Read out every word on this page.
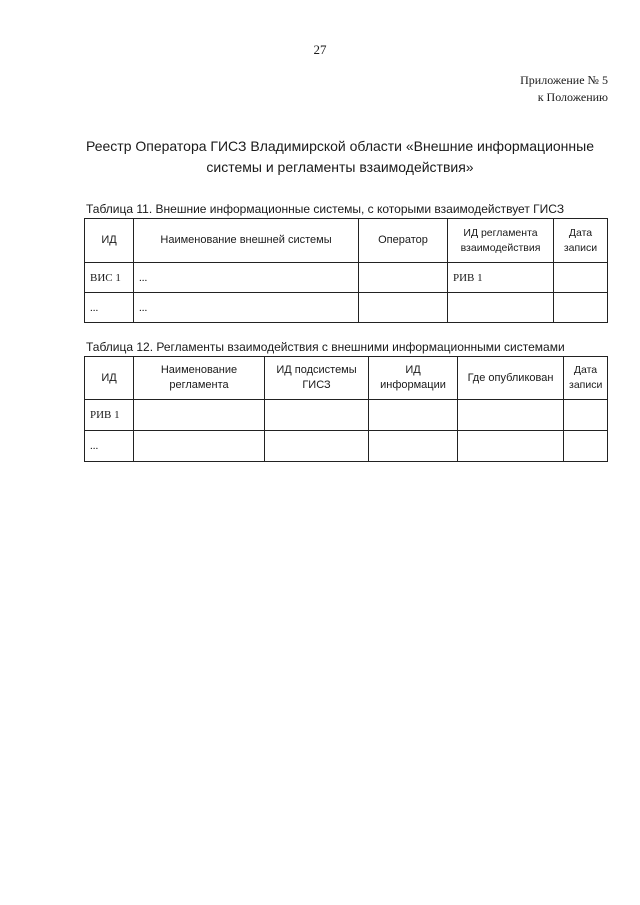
27
Приложение № 5
к Положению
Реестр Оператора ГИСЗ Владимирской области «Внешние информационные
системы и регламенты взаимодействия»
Таблица 11. Внешние информационные системы, с которыми взаимодействует ГИСЗ
ИД	Наименование внешней системы	Оператор	ИД регламента взаимодействия	Дата записи
ВИС 1	...		РИВ 1	
...	...			
Таблица 12. Регламенты взаимодействия с внешними информационными системами
ИД	Наименование регламента	ИД подсистемы ГИСЗ	ИД информации	Где опубликован	Дата записи
РИВ 1					
...					
